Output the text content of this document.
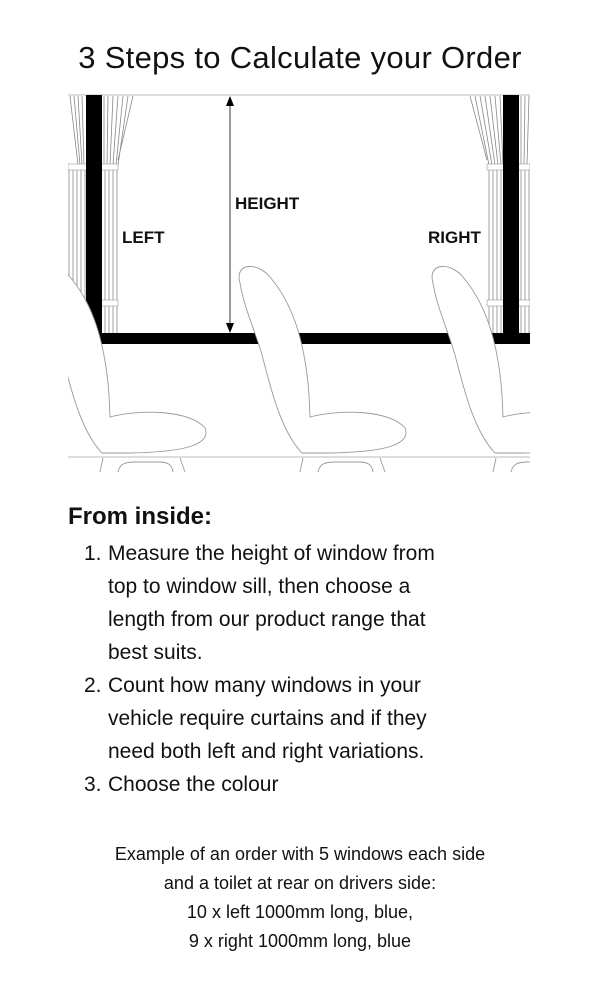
3 Steps to Calculate your Order
HEIGHT
LEFT	RIGHT
From inside:
1. Measure the height of window from
top to window sill, then choose a
length from our product range that
best suits.
2. Count how many windows in your
vehicle require curtains and if they
need both left and right variations.
3. Choose the colour
Example of an order with 5 windows each side
and a toilet at rear on drivers side:
10 x left 1000mm long, blue,
9 x right 1000mm long, blue
